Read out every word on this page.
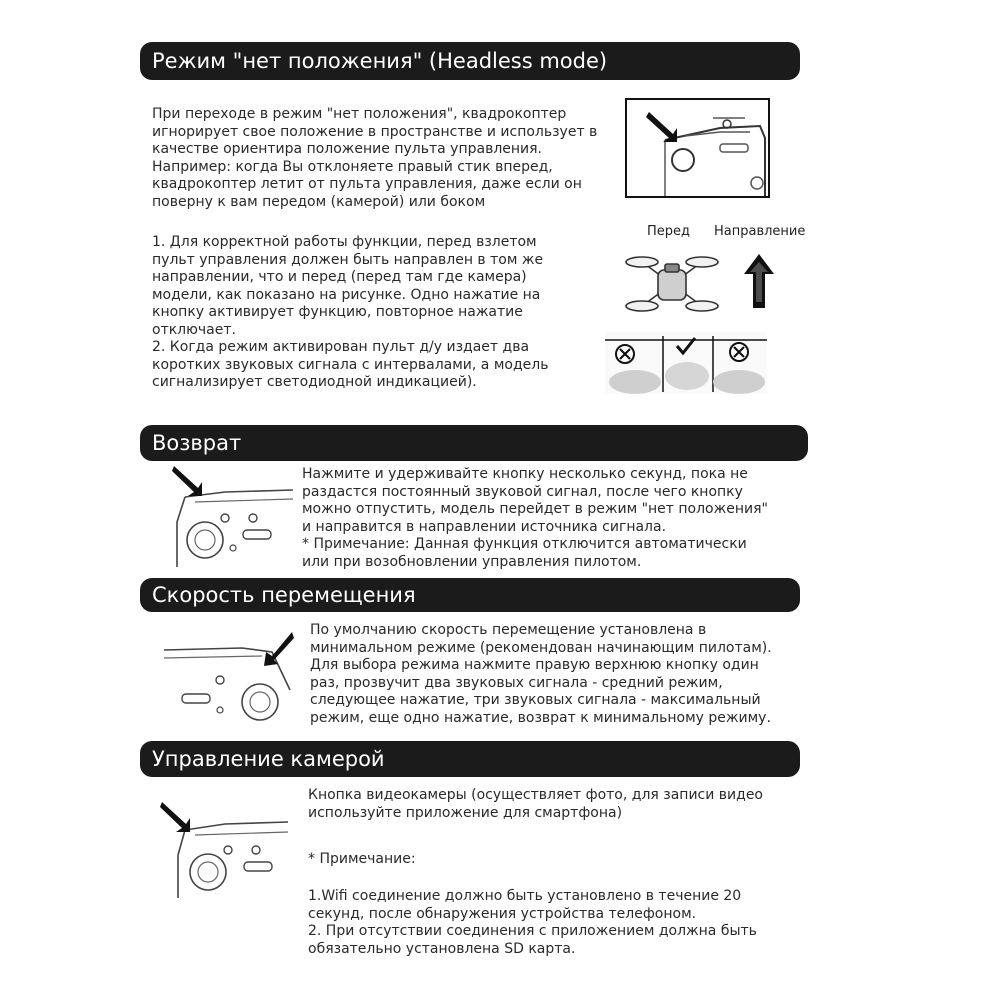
Режим "нет положения" (Headless mode)
При переходе в режим "нет положения", квадрокоптер
игнорирует свое положение в пространстве и использует в
качестве ориентира положение пульта управления.
Например: когда Вы отклоняете правый стик вперед,
квадрокоптер летит от пульта управления, даже если он
поверну к вам передом (камерой) или боком
Перед Направление
1. Для корректной работы функции, перед взлетом
пульт управления должен быть направлен в том же
направлении, что и перед (перед там где камера)
модели, как показано на рисунке. Одно нажатие на
кнопку активирует функцию, повторное нажатие
отключает.
2. Когда режим активирован пульт д/у издает два
коротких звуковых сигнала с интервалами, а модель
сигнализирует светодиодной индикацией).
Возврат
Нажмите и удерживайте кнопку несколько секунд, пока не
раздастся постоянный звуковой сигнал, после чего кнопку
можно отпустить, модель перейдет в режим "нет положения"
и направится в направлении источника сигнала.
* Примечание: Данная функция отключится автоматически
или при возобновлении управления пилотом.
Скорость перемещения
По умолчанию скорость перемещение установлена в
минимальном режиме (рекомендован начинающим пилотам).
Для выбора режима нажмите правую верхнюю кнопку один
раз, прозвучит два звуковых сигнала - средний режим,
следующее нажатие, три звуковых сигнала - максимальный
режим, еще одно нажатие, возврат к минимальному режиму.
Управление камерой
Кнопка видеокамеры (осуществляет фото, для записи видео
используйте приложение для смартфона)
* Примечание:
1.Wifi соединение должно быть установлено в течение 20
секунд, после обнаружения устройства телефоном.
2. При отсутствии соединения с приложением должна быть
обязательно установлена SD карта.
